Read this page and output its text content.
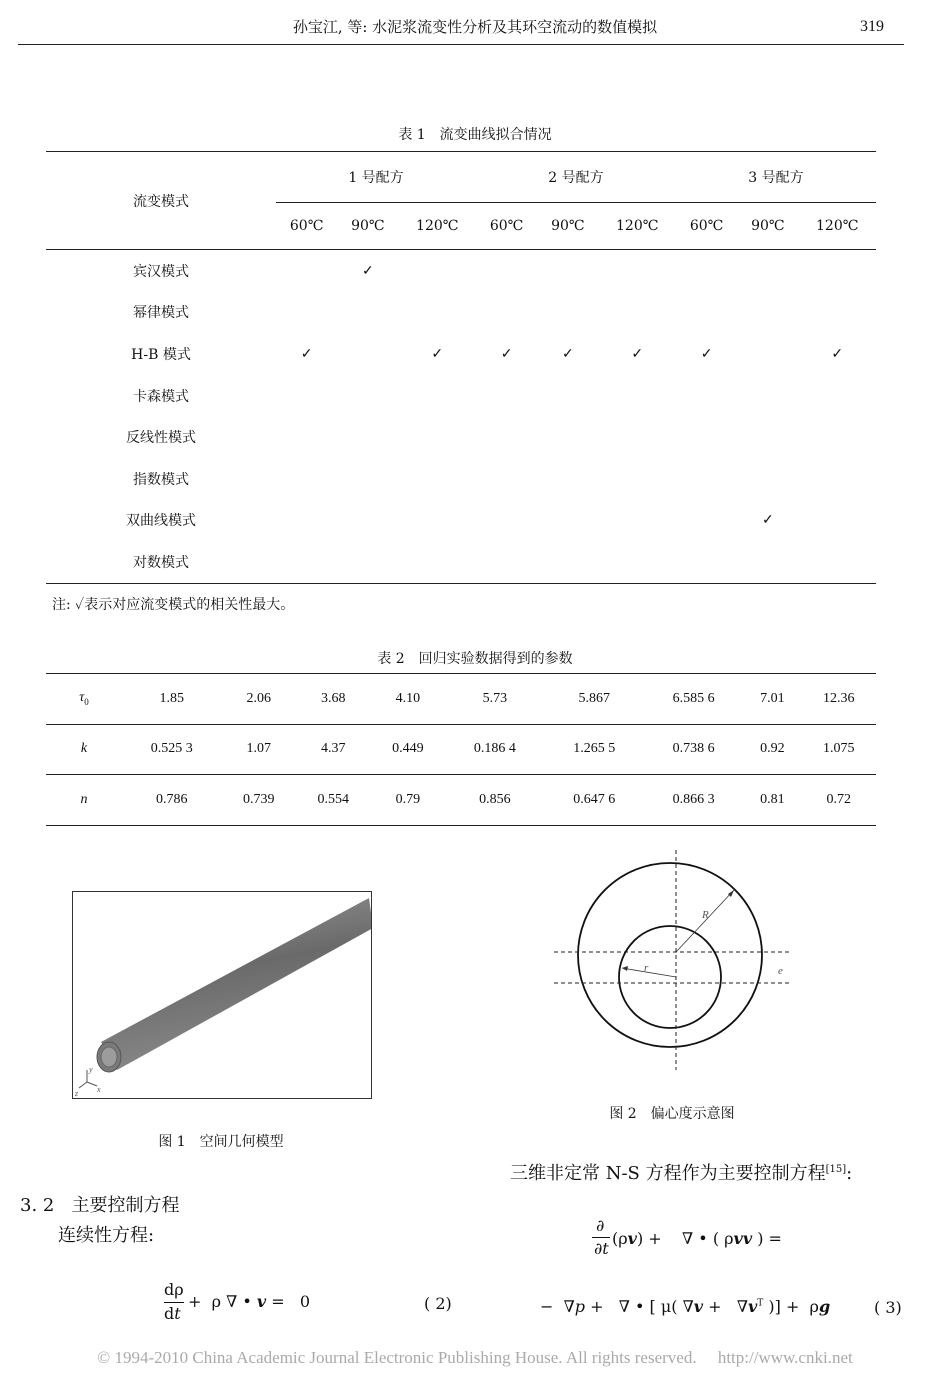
孙宝江, 等: 水泥浆流变性分析及其环空流动的数值模拟	319
表 1　流变曲线拟合情况
流变模式	1 号配方			2 号配方			3 号配方		
	60℃	90℃	120℃	60℃	90℃	120℃	60℃	90℃	120℃
宾汉模式		✓							
幂律模式									
H-B 模式	✓		✓	✓	✓	✓	✓		✓
卡森模式									
反线性模式									
指数模式									
双曲线模式								✓	
对数模式									
注: ✓表示对应流变模式的相关性最大。
表 2　回归实验数据得到的参数
$\tau_0$	1.85	2.06	3.68	4.10	5.73	5.867	6.585 6	7.01	12.36
k	0.525 3	1.07	4.37	0.449	0.186 4	1.265 5	0.738 6	0.92	1.075
n	0.786	0.739	0.554	0.79	0.856	0.647 6	0.866 3	0.81	0.72
y
z x
图 1　空间几何模型
R
r	e
图 2　偏心度示意图
3. 2 主要控制方程
连续性方程:
dρ
dt
+  ρ ∇ • v =   0	( 2)
三维非定常 N-S 方程作为主要控制方程[15]:
∂
∂t
(ρv) +    ∇ • ( ρvv ) =
−  ∇p +   ∇ • [ μ( $\nabla v + \nabla v^T$ )] +  ρg	( 3)
© 1994-2010 China Academic Journal Electronic Publishing House. All rights reserved.　 http://www.cnki.net
